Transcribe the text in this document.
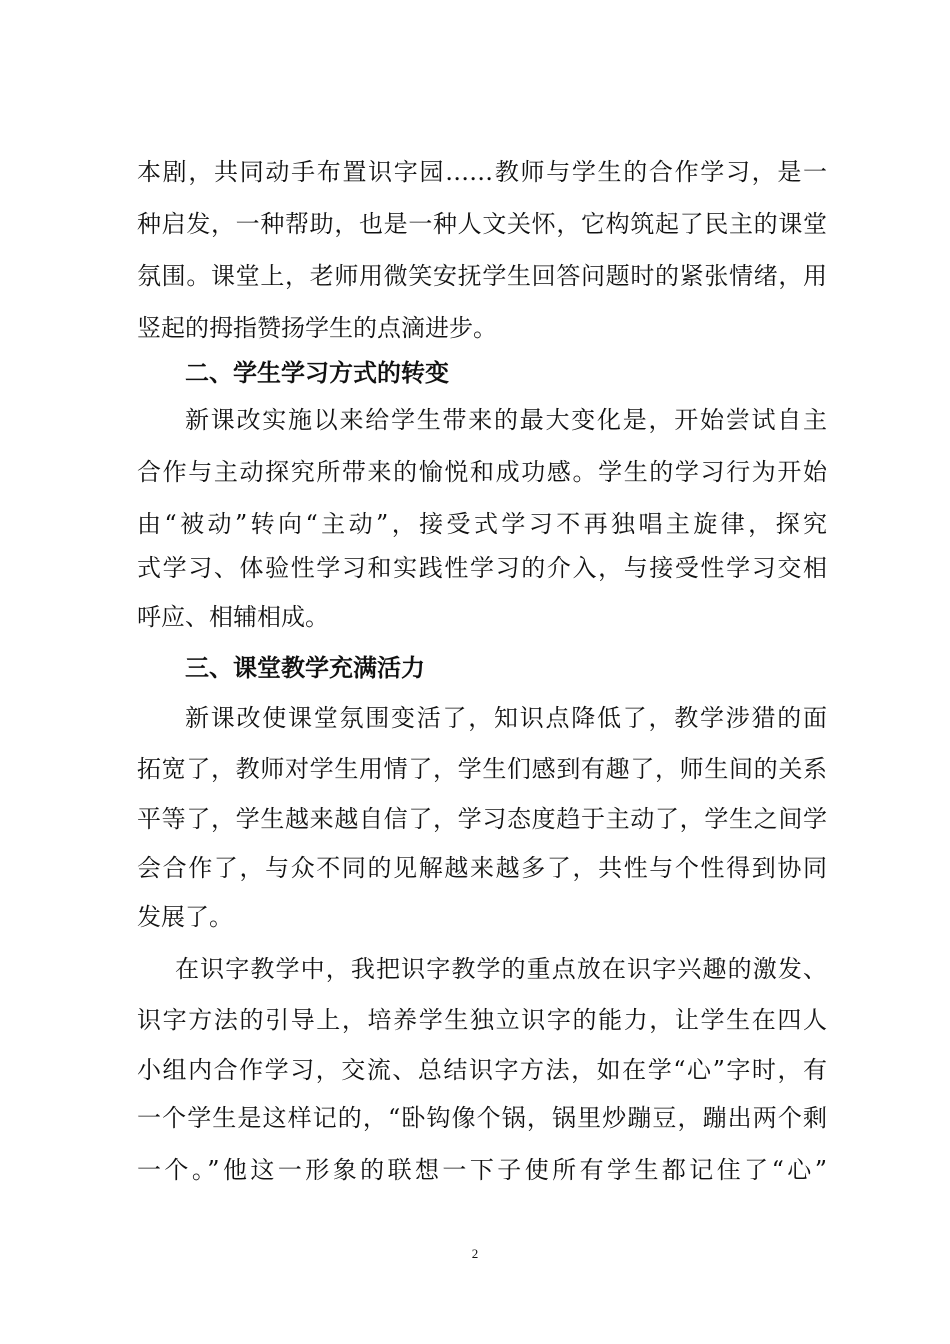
本剧，共同动手布置识字园……教师与学生的合作学习，是一
种启发，一种帮助，也是一种人文关怀，它构筑起了民主的课堂
氛围。课堂上，老师用微笑安抚学生回答问题时的紧张情绪，用
竖起的拇指赞扬学生的点滴进步。
二、学生学习方式的转变
新课改实施以来给学生带来的最大变化是，开始尝试自主
合作与主动探究所带来的愉悦和成功感。学生的学习行为开始
由“被动”转向“主动”，接受式学习不再独唱主旋律，探究
式学习、体验性学习和实践性学习的介入，与接受性学习交相
呼应、相辅相成。
三、课堂教学充满活力
新课改使课堂氛围变活了，知识点降低了，教学涉猎的面
拓宽了，教师对学生用情了，学生们感到有趣了，师生间的关系
平等了，学生越来越自信了，学习态度趋于主动了，学生之间学
会合作了，与众不同的见解越来越多了，共性与个性得到协同
发展了。
在识字教学中，我把识字教学的重点放在识字兴趣的激发、
识字方法的引导上，培养学生独立识字的能力，让学生在四人
小组内合作学习，交流、总结识字方法，如在学“心”字时，有
一个学生是这样记的，“卧钩像个锅，锅里炒蹦豆，蹦出两个剩
一个。”他这一形象的联想一下子使所有学生都记住了“心”
2
